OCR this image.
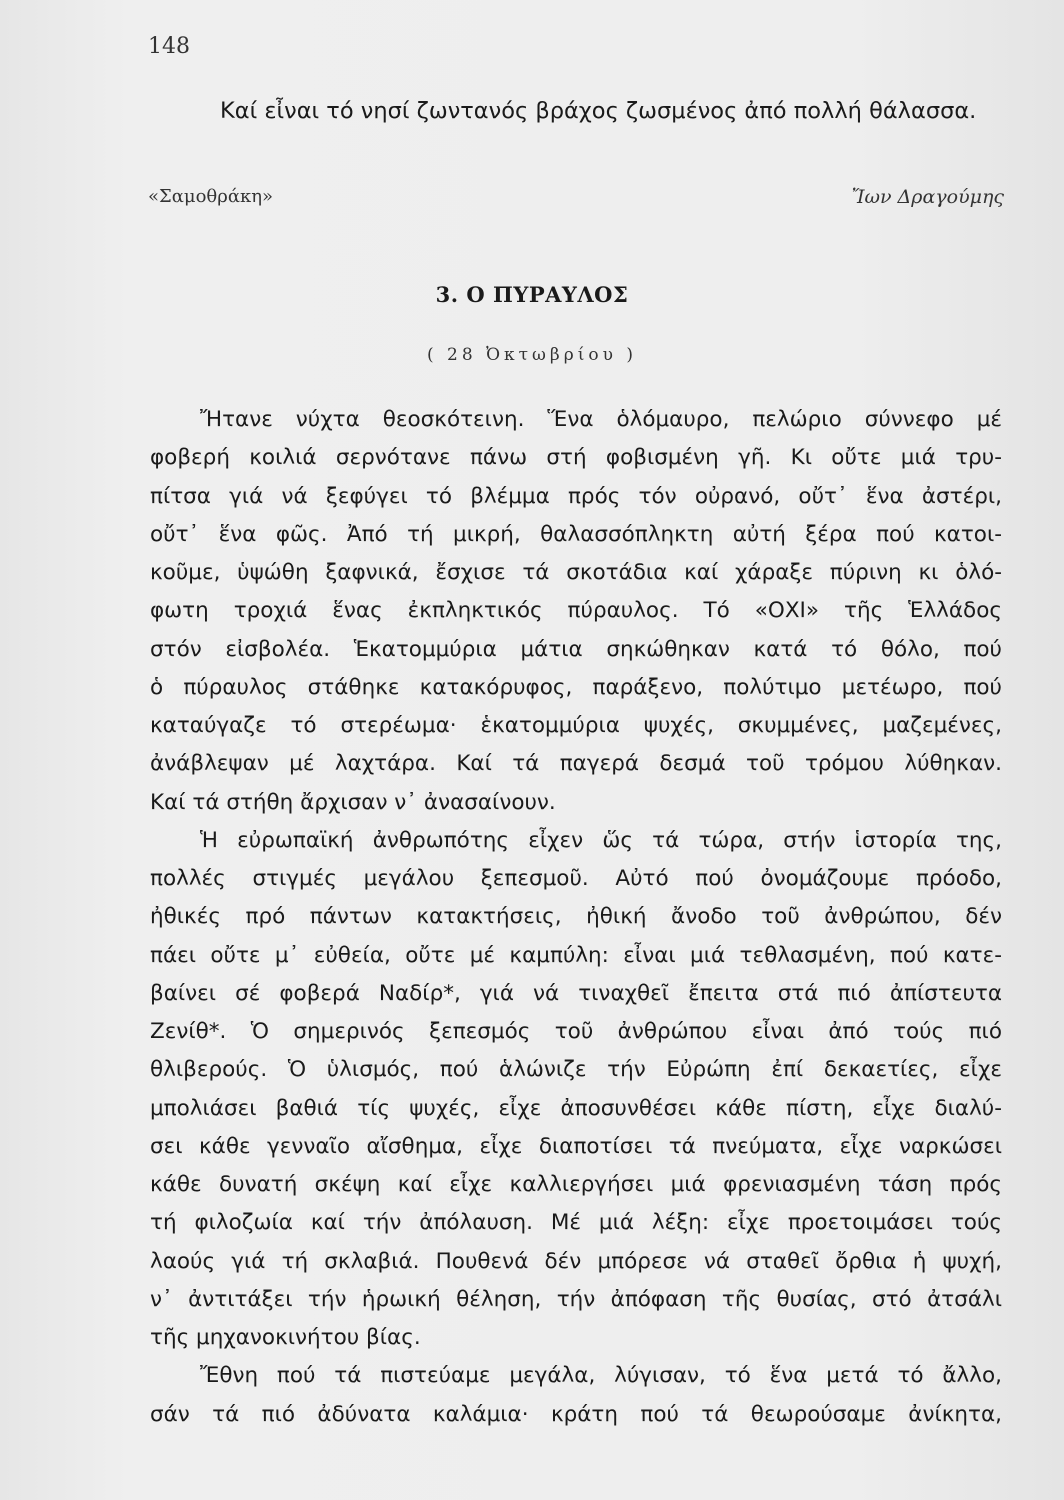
148
Καί εἶναι τό νησί ζωντανός βράχος ζωσμένος ἀπό πολλή θάλασσα.
«Σαμοθράκη»	Ἴων Δραγούμης
3. Ο ΠΥΡΑΥΛΟΣ
( 28 Ὀκτωβρίου )
Ἤτανε νύχτα θεοσκότεινη. Ἕνα ὁλόμαυρο, πελώριο σύννεφο μέ
φοβερή κοιλιά σερνότανε πάνω στή φοβισμένη γῆ. Κι οὔτε μιά τρυ-
πίτσα γιά νά ξεφύγει τό βλέμμα πρός τόν οὐρανό, οὔτ᾿ ἕνα ἀστέρι,
οὔτ᾿ ἕνα φῶς. Ἀπό τή μικρή, θαλασσόπληκτη αὐτή ξέρα πού κατοι-
κοῦμε, ὑψώθη ξαφνικά, ἔσχισε τά σκοτάδια καί χάραξε πύρινη κι ὁλό-
φωτη τροχιά ἕνας ἐκπληκτικός πύραυλος. Τό «ΟΧΙ» τῆς Ἑλλάδος
στόν εἰσβολέα. Ἑκατομμύρια μάτια σηκώθηκαν κατά τό θόλο, πού
ὁ πύραυλος στάθηκε κατακόρυφος, παράξενο, πολύτιμο μετέωρο, πού
καταύγαζε τό στερέωμα· ἑκατομμύρια ψυχές, σκυμμένες, μαζεμένες,
ἀνάβλεψαν μέ λαχτάρα. Καί τά παγερά δεσμά τοῦ τρόμου λύθηκαν.
Καί τά στήθη ἄρχισαν ν᾿ ἀνασαίνουν.
Ἡ εὐρωπαϊκή ἀνθρωπότης εἶχεν ὥς τά τώρα, στήν ἱστορία της,
πολλές στιγμές μεγάλου ξεπεσμοῦ. Αὐτό πού ὀνομάζουμε πρόοδο,
ἠθικές πρό πάντων κατακτήσεις, ἠθική ἄνοδο τοῦ ἀνθρώπου, δέν
πάει οὔτε μ᾿ εὐθεία, οὔτε μέ καμπύλη: εἶναι μιά τεθλασμένη, πού κατε-
βαίνει σέ φοβερά Ναδίρ*, γιά νά τιναχθεῖ ἔπειτα στά πιό ἀπίστευτα
Ζενίθ*. Ὁ σημερινός ξεπεσμός τοῦ ἀνθρώπου εἶναι ἀπό τούς πιό
θλιβερούς. Ὁ ὑλισμός, πού ἁλώνιζε τήν Εὐρώπη ἐπί δεκαετίες, εἶχε
μπολιάσει βαθιά τίς ψυχές, εἶχε ἀποσυνθέσει κάθε πίστη, εἶχε διαλύ-
σει κάθε γενναῖο αἴσθημα, εἶχε διαποτίσει τά πνεύματα, εἶχε ναρκώσει
κάθε δυνατή σκέψη καί εἶχε καλλιεργήσει μιά φρενιασμένη τάση πρός
τή φιλοζωία καί τήν ἀπόλαυση. Μέ μιά λέξη: εἶχε προετοιμάσει τούς
λαούς γιά τή σκλαβιά. Πουθενά δέν μπόρεσε νά σταθεῖ ὄρθια ἡ ψυχή,
ν᾿ ἀντιτάξει τήν ἡρωική θέληση, τήν ἀπόφαση τῆς θυσίας, στό ἀτσάλι
τῆς μηχανοκινήτου βίας.
Ἔθνη πού τά πιστεύαμε μεγάλα, λύγισαν, τό ἕνα μετά τό ἄλλο,
σάν τά πιό ἀδύνατα καλάμια· κράτη πού τά θεωρούσαμε ἀνίκητα,
